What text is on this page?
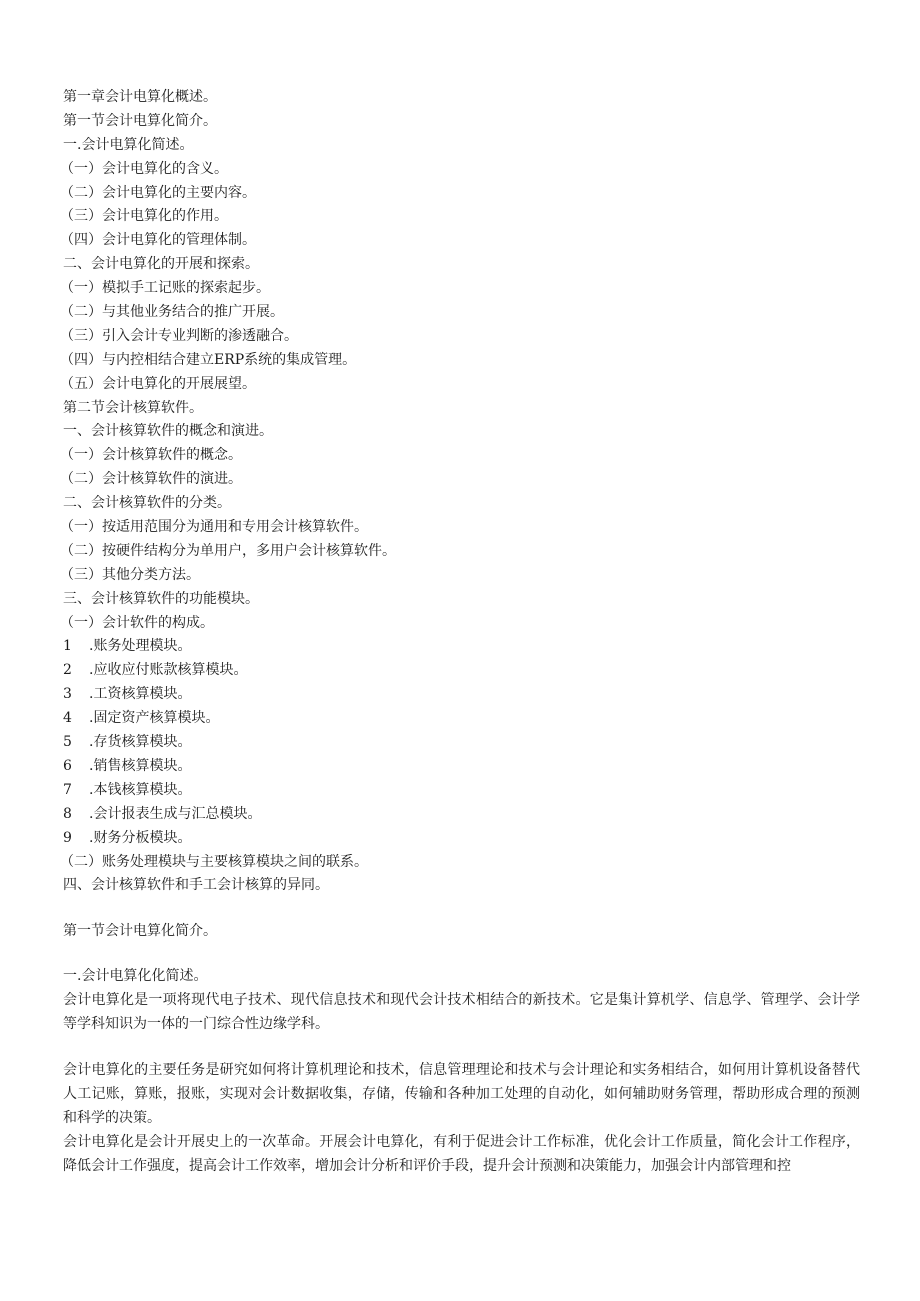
第一章会计电算化概述。
第一节会计电算化简介。
一.会计电算化简述。
（一）会计电算化的含义。
（二）会计电算化的主要内容。
（三）会计电算化的作用。
（四）会计电算化的管理体制。
二、会计电算化的开展和探索。
（一）模拟手工记账的探索起步。
（二）与其他业务结合的推广开展。
（三）引入会计专业判断的渗透融合。
（四）与内控相结合建立ERP系统的集成管理。
（五）会计电算化的开展展望。
第二节会计核算软件。
一、会计核算软件的概念和演进。
（一）会计核算软件的概念。
（二）会计核算软件的演进。
二、会计核算软件的分类。
（一）按适用范围分为通用和专用会计核算软件。
（二）按硬件结构分为单用户，多用户会计核算软件。
（三）其他分类方法。
三、会计核算软件的功能模块。
（一）会计软件的构成。
1 .账务处理模块。
2 .应收应付账款核算模块。
3 .工资核算模块。
4 .固定资产核算模块。
5 .存货核算模块。
6 .销售核算模块。
7 .本钱核算模块。
8 .会计报表生成与汇总模块。
9 .财务分板模块。
（二）账务处理模块与主要核算模块之间的联系。
四、会计核算软件和手工会计核算的异同。
第一节会计电算化简介。
一.会计电算化化简述。

会计电算化是一项将现代电子技术、现代信息技术和现代会计技术相结合的新技术。它是集计算机学、信息学、管理学、会计学等学科知识为一体的一门综合性边缘学科。

会计电算化的主要任务是研究如何将计算机理论和技术，信息管理理论和技术与会计理论和实务相结合，如何用计算机设备替代人工记账，算账，报账，实现对会计数据收集，存储，传输和各种加工处理的自动化，如何辅助财务管理，帮助形成合理的预测和科学的决策。

会计电算化是会计开展史上的一次革命。开展会计电算化，有利于促进会计工作标准，优化会计工作质量，简化会计工作程序，降低会计工作强度，提高会计工作效率，增加会计分析和评价手段，提升会计预测和决策能力，加强会计内部管理和控
